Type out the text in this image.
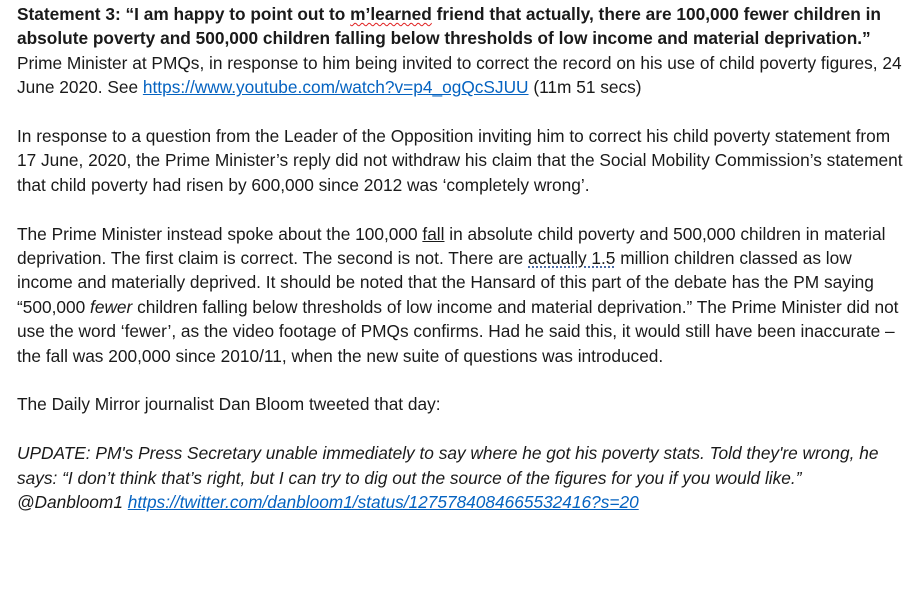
Statement 3: “I am happy to point out to m’learned friend that actually, there are 100,000 fewer children in absolute poverty and 500,000 children falling below thresholds of low income and material deprivation.” Prime Minister at PMQs, in response to him being invited to correct the record on his use of child poverty figures, 24 June 2020. See https://www.youtube.com/watch?v=p4_ogQcSJUU (11m 51 secs)

In response to a question from the Leader of the Opposition inviting him to correct his child poverty statement from 17 June, 2020, the Prime Minister’s reply did not withdraw his claim that the Social Mobility Commission’s statement that child poverty had risen by 600,000 since 2012 was ‘completely wrong’.

The Prime Minister instead spoke about the 100,000 fall in absolute child poverty and 500,000 children in material deprivation. The first claim is correct. The second is not. There are actually 1.5 million children classed as low income and materially deprived. It should be noted that the Hansard of this part of the debate has the PM saying “500,000 fewer children falling below thresholds of low income and material deprivation.” The Prime Minister did not use the word ‘fewer’, as the video footage of PMQs confirms. Had he said this, it would still have been inaccurate – the fall was 200,000 since 2010/11, when the new suite of questions was introduced.

The Daily Mirror journalist Dan Bloom tweeted that day:

UPDATE: PM's Press Secretary unable immediately to say where he got his poverty stats. Told they're wrong, he says: “I don’t think that’s right, but I can try to dig out the source of the figures for you if you would like.” @Danbloom1 https://twitter.com/danbloom1/status/1275784084665532416?s=20
